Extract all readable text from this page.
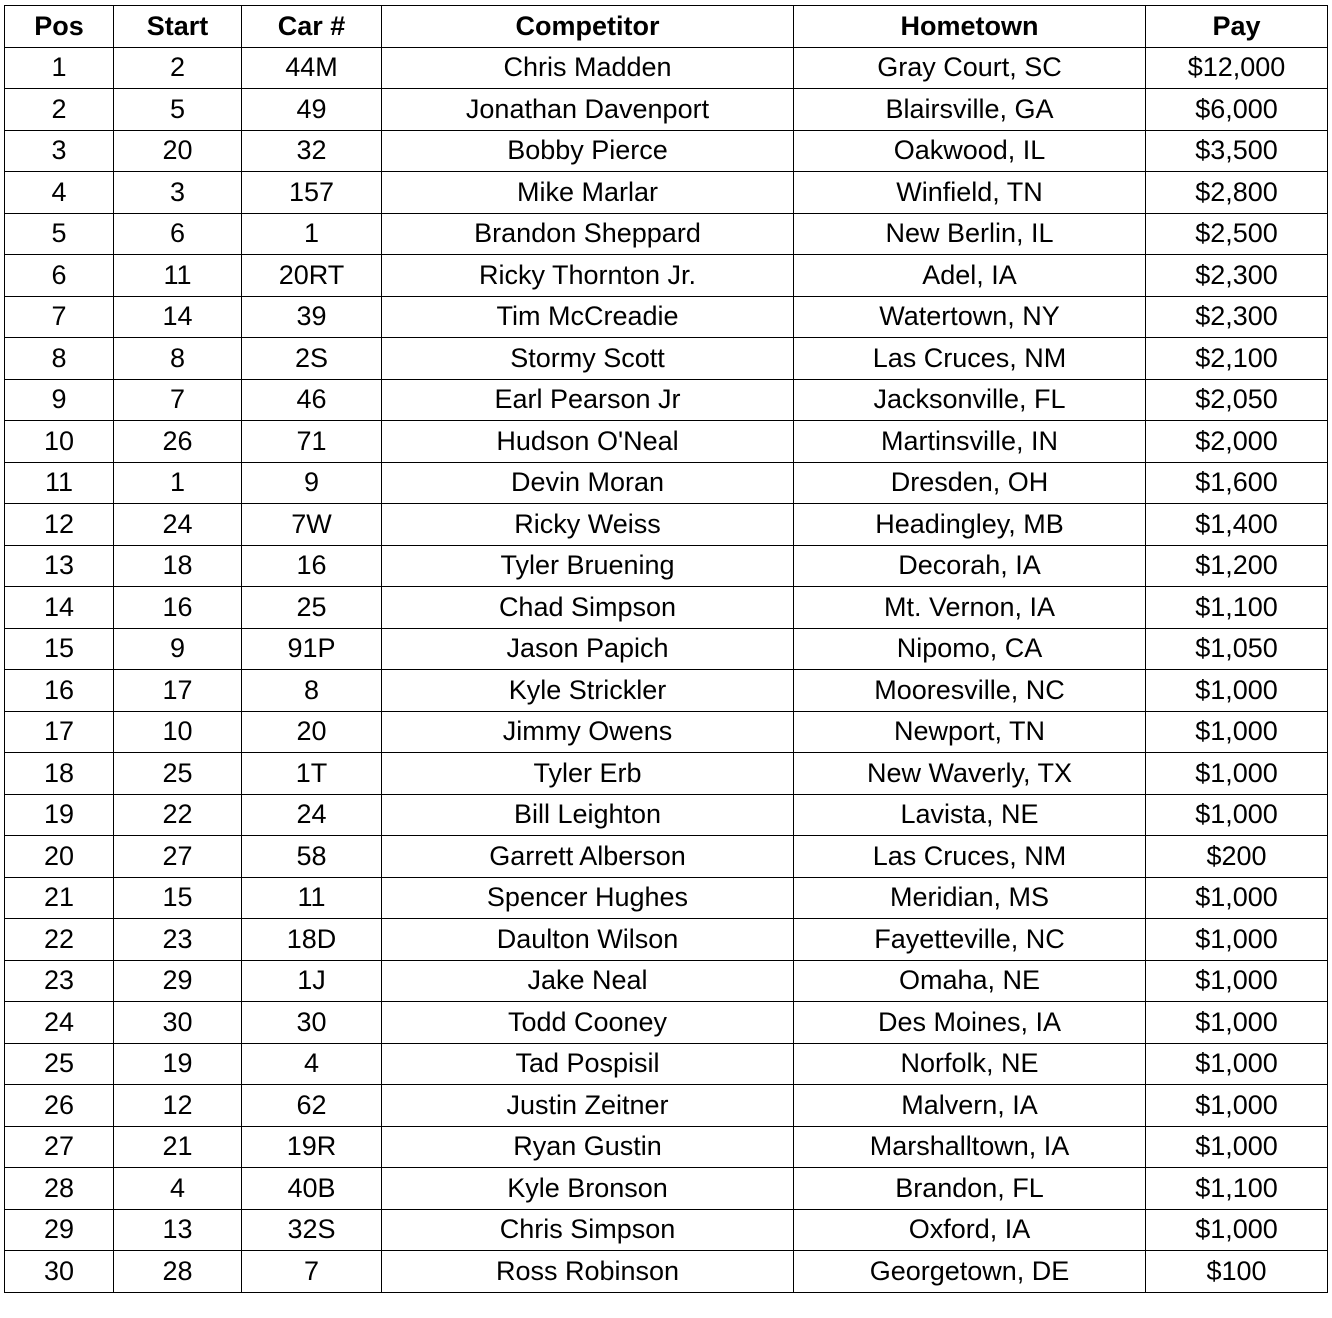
Pos	Start	Car #	Competitor	Hometown	Pay
1	2	44M	Chris Madden	Gray Court, SC	$12,000
2	5	49	Jonathan Davenport	Blairsville, GA	$6,000
3	20	32	Bobby Pierce	Oakwood, IL	$3,500
4	3	157	Mike Marlar	Winfield, TN	$2,800
5	6	1	Brandon Sheppard	New Berlin, IL	$2,500
6	11	20RT	Ricky Thornton Jr.	Adel, IA	$2,300
7	14	39	Tim McCreadie	Watertown, NY	$2,300
8	8	2S	Stormy Scott	Las Cruces, NM	$2,100
9	7	46	Earl Pearson Jr	Jacksonville, FL	$2,050
10	26	71	Hudson O'Neal	Martinsville, IN	$2,000
11	1	9	Devin Moran	Dresden, OH	$1,600
12	24	7W	Ricky Weiss	Headingley, MB	$1,400
13	18	16	Tyler Bruening	Decorah, IA	$1,200
14	16	25	Chad Simpson	Mt. Vernon, IA	$1,100
15	9	91P	Jason Papich	Nipomo, CA	$1,050
16	17	8	Kyle Strickler	Mooresville, NC	$1,000
17	10	20	Jimmy Owens	Newport, TN	$1,000
18	25	1T	Tyler Erb	New Waverly, TX	$1,000
19	22	24	Bill Leighton	Lavista, NE	$1,000
20	27	58	Garrett Alberson	Las Cruces, NM	$200
21	15	11	Spencer Hughes	Meridian, MS	$1,000
22	23	18D	Daulton Wilson	Fayetteville, NC	$1,000
23	29	1J	Jake Neal	Omaha, NE	$1,000
24	30	30	Todd Cooney	Des Moines, IA	$1,000
25	19	4	Tad Pospisil	Norfolk, NE	$1,000
26	12	62	Justin Zeitner	Malvern, IA	$1,000
27	21	19R	Ryan Gustin	Marshalltown, IA	$1,000
28	4	40B	Kyle Bronson	Brandon, FL	$1,100
29	13	32S	Chris Simpson	Oxford, IA	$1,000
30	28	7	Ross Robinson	Georgetown, DE	$100
